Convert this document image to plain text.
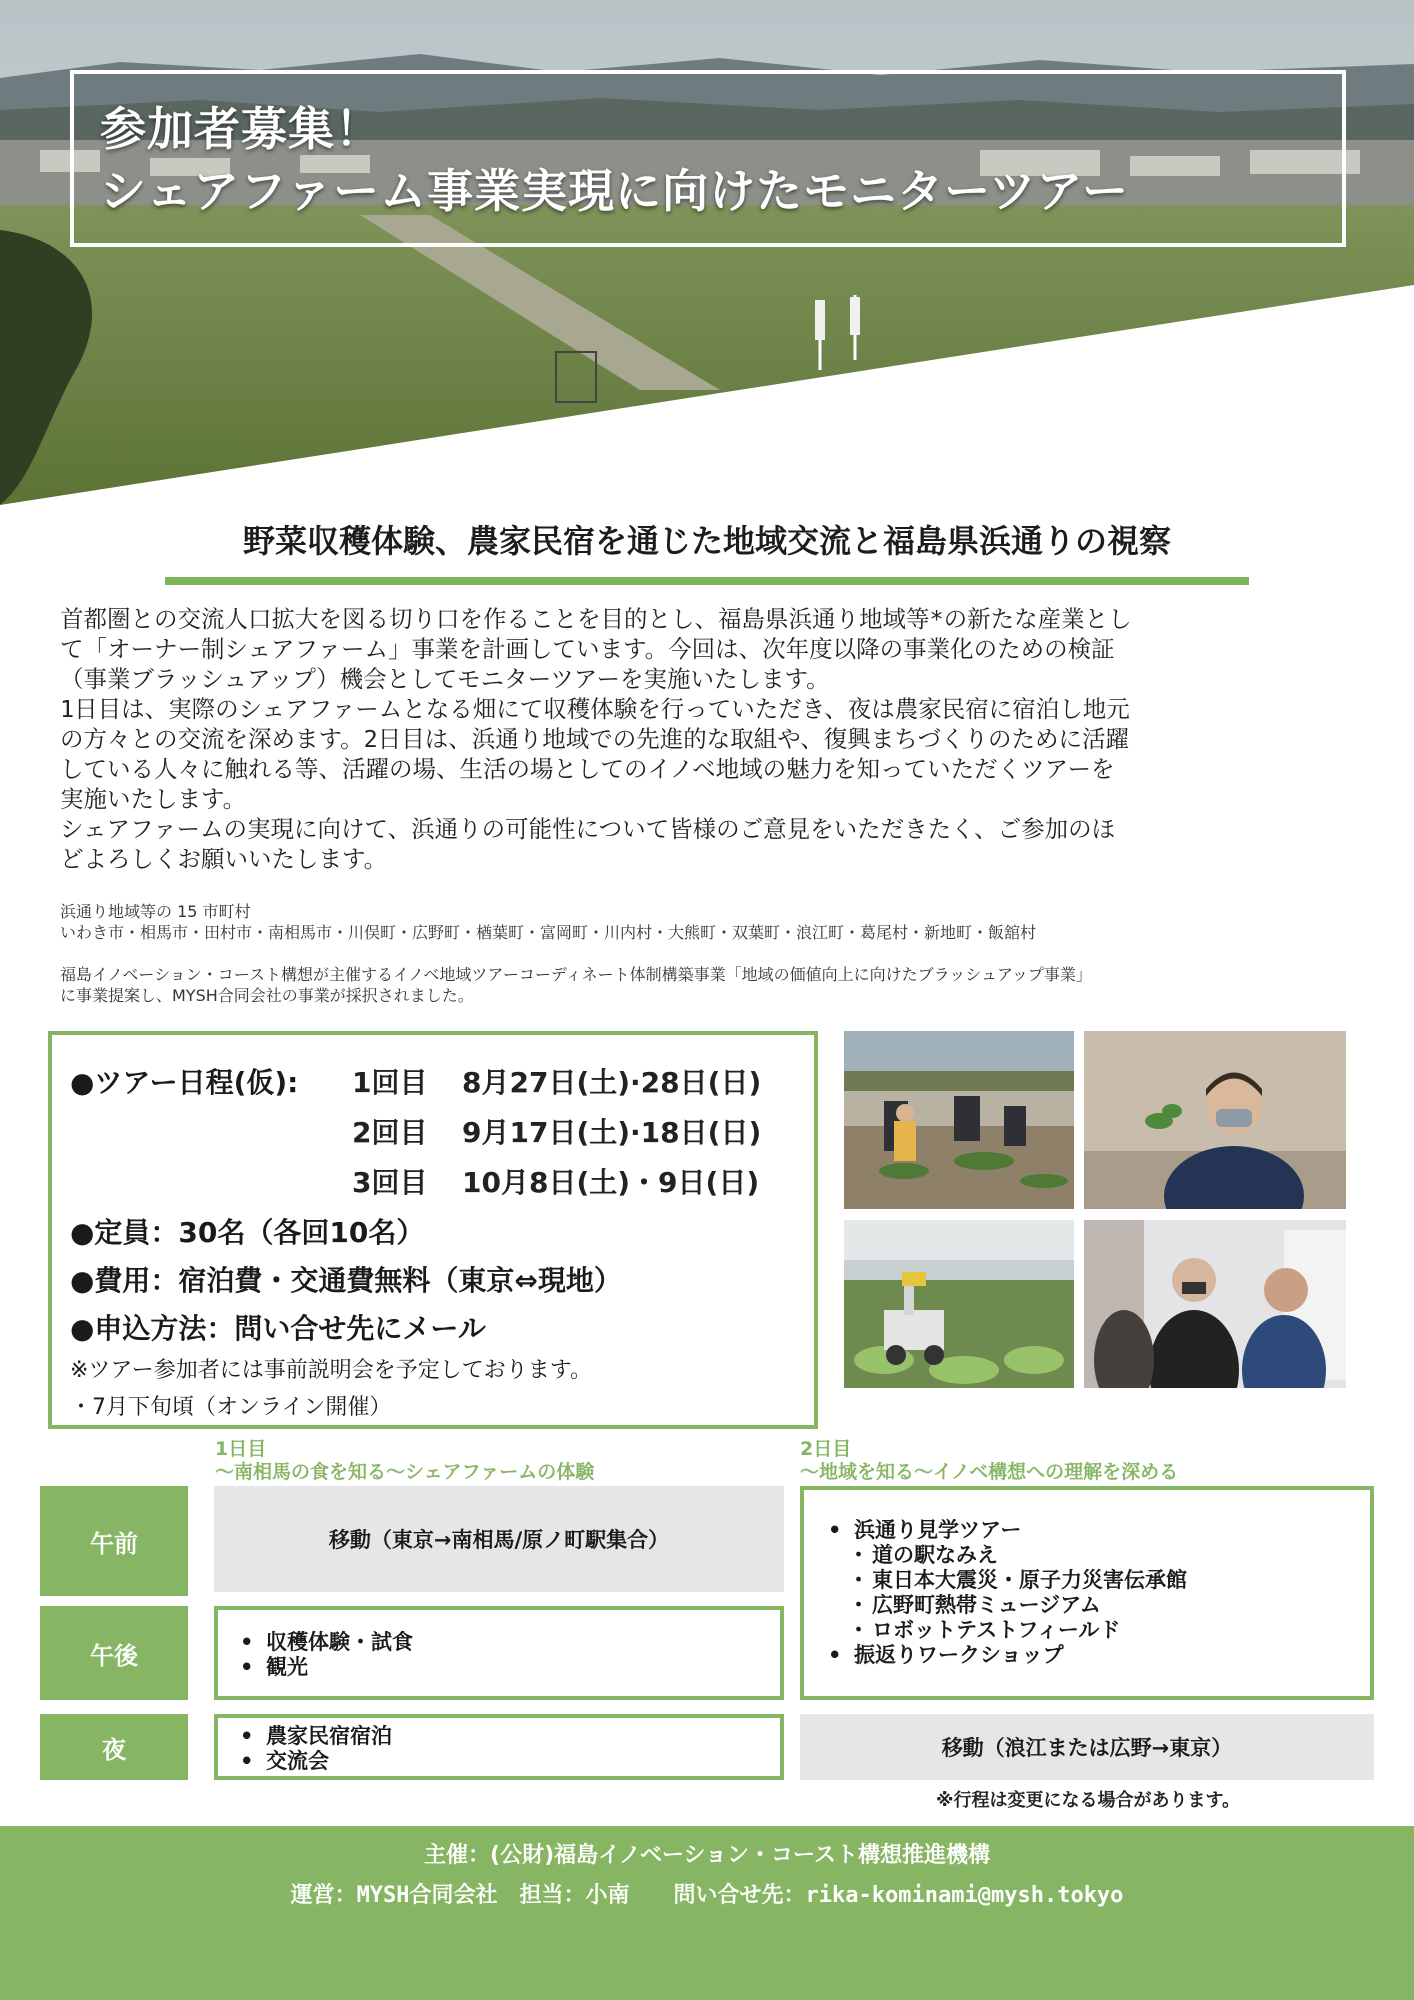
参加者募集！
シェアファーム事業実現に向けたモニターツアー
野菜収穫体験、農家民宿を通じた地域交流と福島県浜通りの視察

首都圏との交流人口拡大を図る切り口を作ることを目的とし、福島県浜通り地域等*の新たな産業とし

て「オーナー制シェアファーム」事業を計画しています。今回は、次年度以降の事業化のための検証

（事業ブラッシュアップ）機会としてモニターツアーを実施いたします。

1日目は、実際のシェアファームとなる畑にて収穫体験を行っていただき、夜は農家民宿に宿泊し地元

の方々との交流を深めます。2日目は、浜通り地域での先進的な取組や、復興まちづくりのために活躍

している人々に触れる等、活躍の場、生活の場としてのイノベ地域の魅力を知っていただくツアーを

実施いたします。

シェアファームの実現に向けて、浜通りの可能性について皆様のご意見をいただきたく、ご参加のほ

どよろしくお願いいたします。

浜通り地域等の 15 市町村

いわき市・相馬市・田村市・南相馬市・川俣町・広野町・楢葉町・富岡町・川内村・大熊町・双葉町・浪江町・葛尾村・新地町・飯舘村

福島イノベーション・コースト構想が主催するイノベ地域ツアーコーディネート体制構築事業「地域の価値向上に向けたブラッシュアップ事業」

に事業提案し、MYSH合同会社の事業が採択されました。

●ツアー日程(仮): 1回目 8月27日(土)·28日(日)
2回目 9月17日(土)·18日(日)
3回目 10月8日(土)・9日(日)
●定員：30名（各回10名）
●費用：宿泊費・交通費無料（東京⇔現地）
●申込方法：問い合せ先にメール
※ツアー参加者には事前説明会を予定しております。
・7月下旬頃（オンライン開催）
1日目
～南相馬の食を知る～シェアファームの体験
2日目
～地域を知る～イノベ構想への理解を深める
午前
午後
夜
移動（東京→南相馬/原ノ町駅集合）
• 収穫体験・試食
• 観光
• 農家民宿宿泊
• 交流会
• 浜通り見学ツアー
・ 道の駅なみえ
・ 東日本大震災・原子力災害伝承館
・ 広野町熱帯ミュージアム
・ ロボットテストフィールド
• 振返りワークショップ
移動（浪江または広野→東京）
※行程は変更になる場合があります。
主催：(公財)福島イノベーション・コースト構想推進機構
運営：MYSH合同会社　担当：小南　　問い合せ先：rika-kominami@mysh.tokyo
